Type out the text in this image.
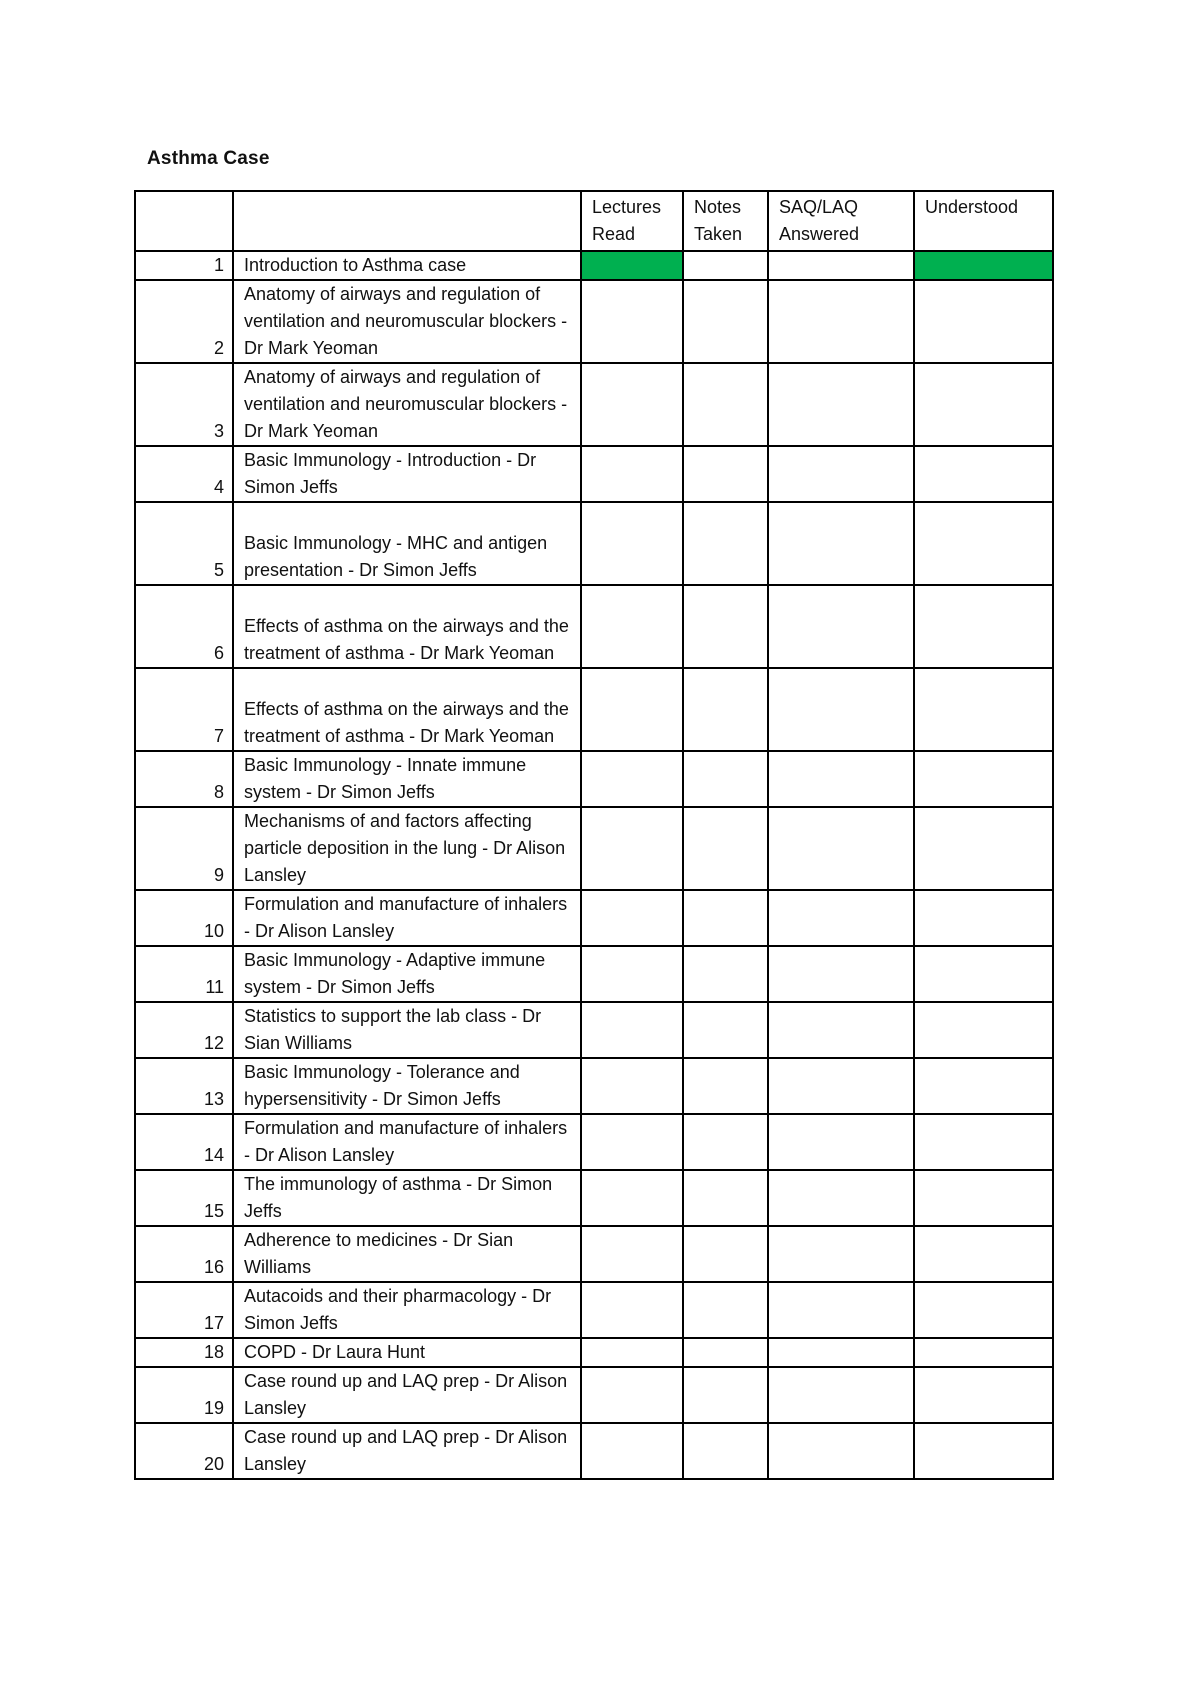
Asthma Case
		Lectures Read	Notes Taken	SAQ/LAQ Answered	Understood
1	Introduction to Asthma case				
2	Anatomy of airways and regulation of ventilation and neuromuscular blockers - Dr Mark Yeoman				
3	Anatomy of airways and regulation of ventilation and neuromuscular blockers - Dr Mark Yeoman				
4	Basic Immunology - Introduction - Dr Simon Jeffs				
5	Basic Immunology - MHC and antigen presentation - Dr Simon Jeffs				
6	Effects of asthma on the airways and the treatment of asthma - Dr Mark Yeoman				
7	Effects of asthma on the airways and the treatment of asthma - Dr Mark Yeoman				
8	Basic Immunology - Innate immune system - Dr Simon Jeffs				
9	Mechanisms of and factors affecting particle deposition in the lung - Dr Alison Lansley				
10	Formulation and manufacture of inhalers - Dr Alison Lansley				
11	Basic Immunology - Adaptive immune system - Dr Simon Jeffs				
12	Statistics to support the lab class - Dr Sian Williams				
13	Basic Immunology - Tolerance and hypersensitivity - Dr Simon Jeffs				
14	Formulation and manufacture of inhalers - Dr Alison Lansley				
15	The immunology of asthma - Dr Simon Jeffs				
16	Adherence to medicines - Dr Sian Williams				
17	Autacoids and their pharmacology - Dr Simon Jeffs				
18	COPD - Dr Laura Hunt				
19	Case round up and LAQ prep - Dr Alison Lansley				
20	Case round up and LAQ prep - Dr Alison Lansley				
